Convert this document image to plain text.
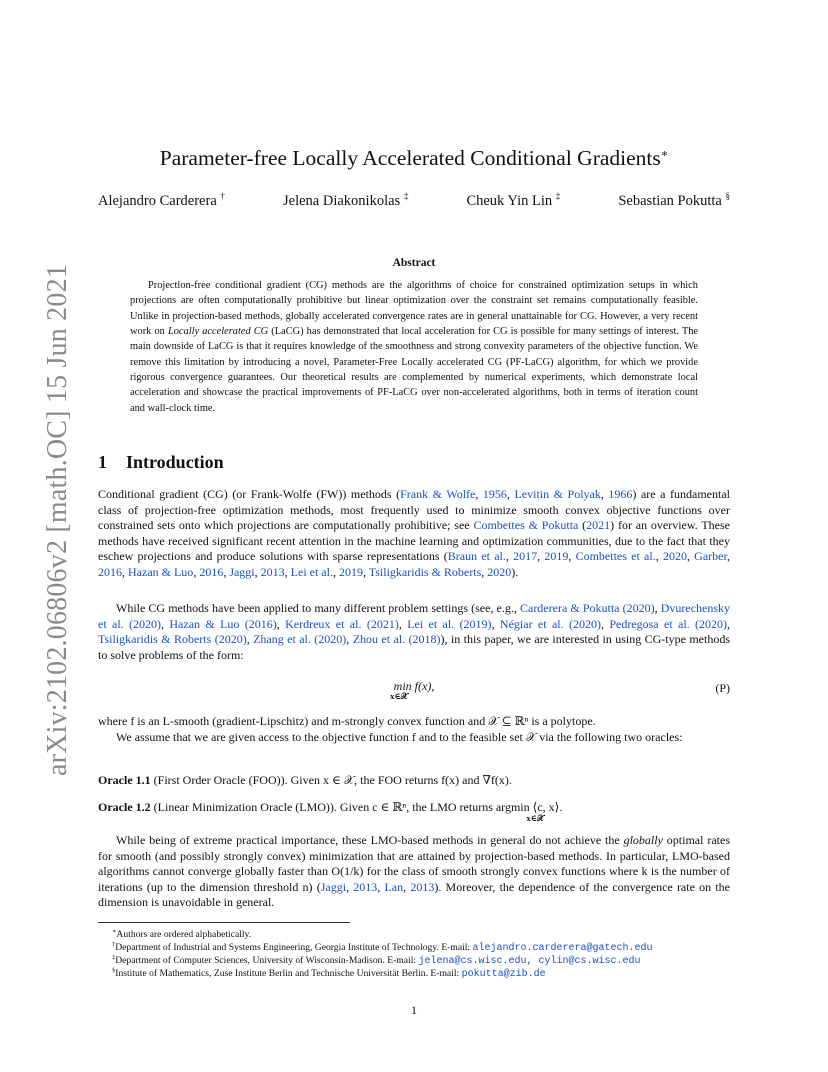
arXiv:2102.06806v2 [math.OC] 15 Jun 2021
Parameter-free Locally Accelerated Conditional Gradients∗
Alejandro Carderera †	Jelena Diakonikolas ‡	Cheuk Yin Lin ‡	Sebastian Pokutta §
Abstract

Projection-free conditional gradient (CG) methods are the algorithms of choice for constrained optimization setups in which projections are often computationally prohibitive but linear optimization over the constraint set remains computationally feasible. Unlike in projection-based methods, globally accelerated convergence rates are in general unattainable for CG. However, a very recent work on Locally accelerated CG (LaCG) has demonstrated that local acceleration for CG is possible for many settings of interest. The main downside of LaCG is that it requires knowledge of the smoothness and strong convexity parameters of the objective function. We remove this limitation by introducing a novel, Parameter-Free Locally accelerated CG (PF-LaCG) algorithm, for which we provide rigorous convergence guarantees. Our theoretical results are complemented by numerical experiments, which demonstrate local acceleration and showcase the practical improvements of PF-LaCG over non-accelerated algorithms, both in terms of iteration count and wall-clock time.

1 Introduction

Conditional gradient (CG) (or Frank-Wolfe (FW)) methods (Frank & Wolfe, 1956, Levitin & Polyak, 1966) are a fundamental class of projection-free optimization methods, most frequently used to minimize smooth convex objective functions over constrained sets onto which projections are computationally prohibitive; see Combettes & Pokutta (2021) for an overview. These methods have received significant recent attention in the machine learning and optimization communities, due to the fact that they eschew projections and produce solutions with sparse representations (Braun et al., 2017, 2019, Combettes et al., 2020, Garber, 2016, Hazan & Luo, 2016, Jaggi, 2013, Lei et al., 2019, Tsiligkaridis & Roberts, 2020).

While CG methods have been applied to many different problem settings (see, e.g., Carderera & Pokutta (2020), Dvurechensky et al. (2020), Hazan & Luo (2016), Kerdreux et al. (2021), Lei et al. (2019), Négiar et al. (2020), Pedregosa et al. (2020), Tsiligkaridis & Roberts (2020), Zhang et al. (2020), Zhou et al. (2018)), in this paper, we are interested in using CG-type methods to solve problems of the form:

min f(x),
x∈𝒳
(P)

where f is an L-smooth (gradient-Lipschitz) and m-strongly convex function and 𝒳 ⊆ ℝⁿ is a polytope.

We assume that we are given access to the objective function f and to the feasible set 𝒳 via the following two oracles:

Oracle 1.1 (First Order Oracle (FOO)). Given x ∈ 𝒳, the FOO returns f(x) and ∇f(x).

Oracle 1.2 (Linear Minimization Oracle (LMO)). Given c ∈ ℝⁿ, the LMO returns argmin ⟨c, $x⟩._{x\in 𝒳}$

While being of extreme practical importance, these LMO-based methods in general do not achieve the globally optimal rates for smooth (and possibly strongly convex) minimization that are attained by projection-based methods. In particular, LMO-based algorithms cannot converge globally faster than O(1/k) for the class of smooth strongly convex functions where k is the number of iterations (up to the dimension threshold n) (Jaggi, 2013, Lan, 2013). Moreover, the dependence of the convergence rate on the dimension is unavoidable in general.

∗Authors are ordered alphabetically.

†Department of Industrial and Systems Engineering, Georgia Institute of Technology. E-mail: alejandro.carderera@gatech.edu

‡Department of Computer Sciences, University of Wisconsin-Madison. E-mail: jelena@cs.wisc.edu, cylin@cs.wisc.edu

§Institute of Mathematics, Zuse Institute Berlin and Technische Universität Berlin. E-mail: pokutta@zib.de

1
